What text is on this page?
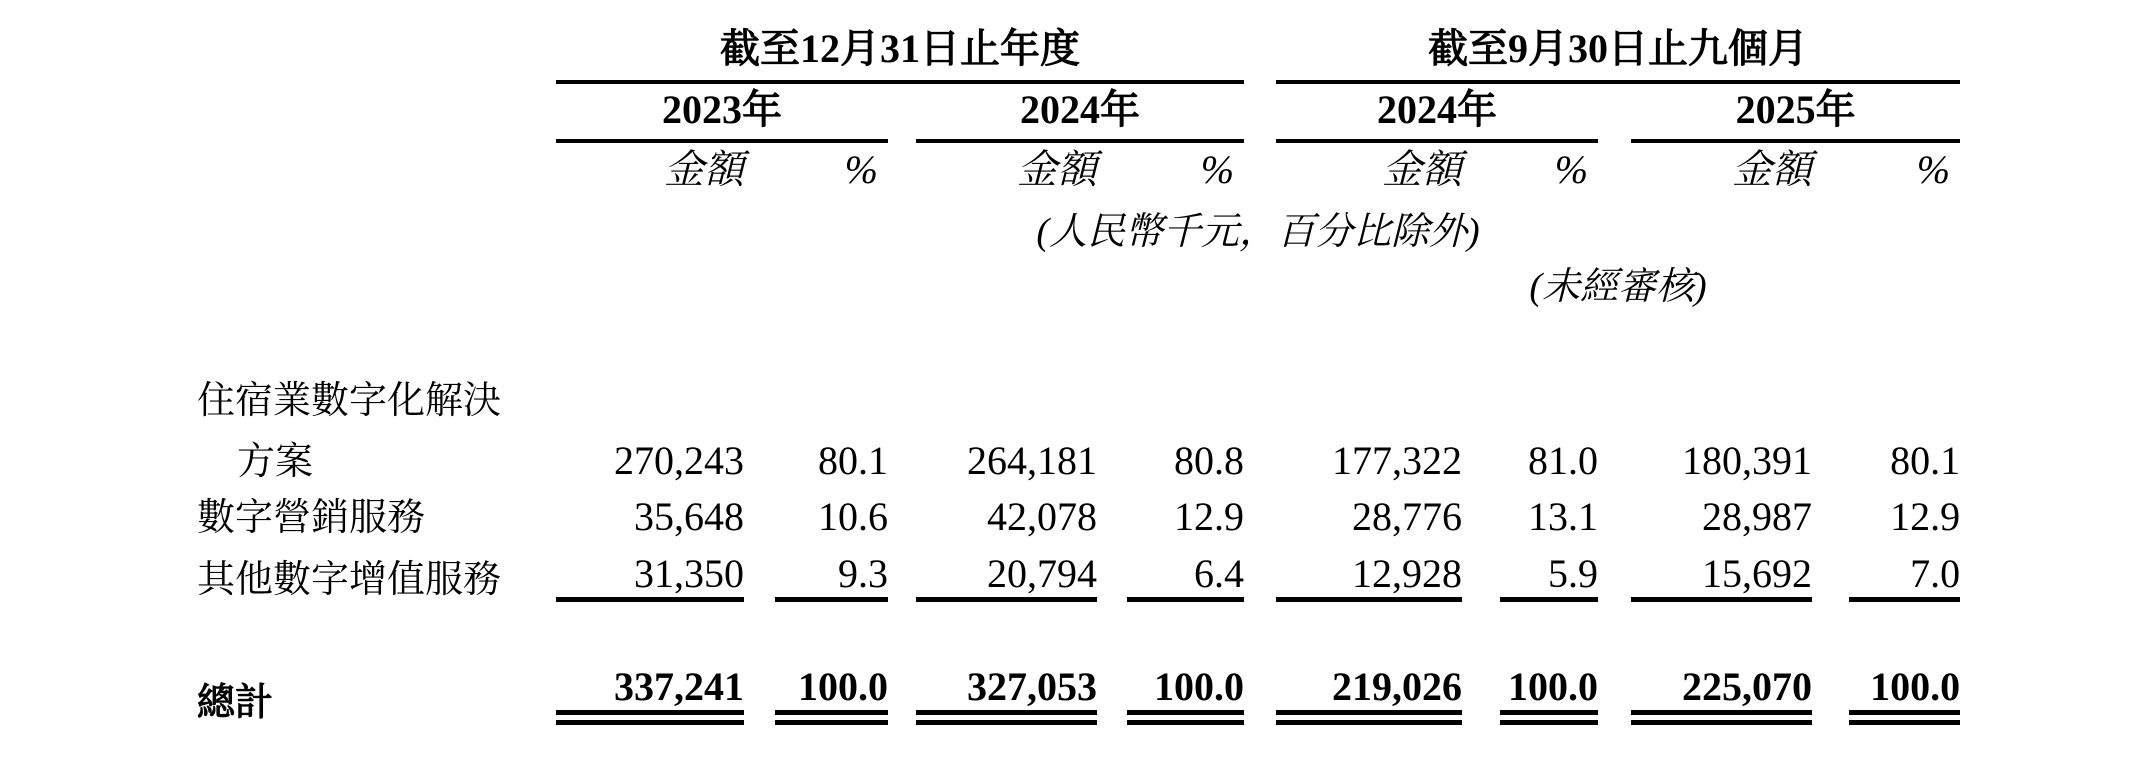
	截至12月31日止年度								截至9月30日止九個月						
	2023年				2024年				2024年				2025年		
	金額		%		金額		%		金額		%		金額		%
	(人民幣千元，百分比除外)														
									(未經審核)						

住宿業數字化解決															
方案	270,243		80.1		264,181		80.8		177,322		81.0		180,391		80.1
數字營銷服務	35,648		10.6		42,078		12.9		28,776		13.1		28,987		12.9
其他數字增值服務	31,350		9.3		20,794		6.4		12,928		5.9		15,692		7.0

總計	337,241		100.0		327,053		100.0		219,026		100.0		225,070		100.0
